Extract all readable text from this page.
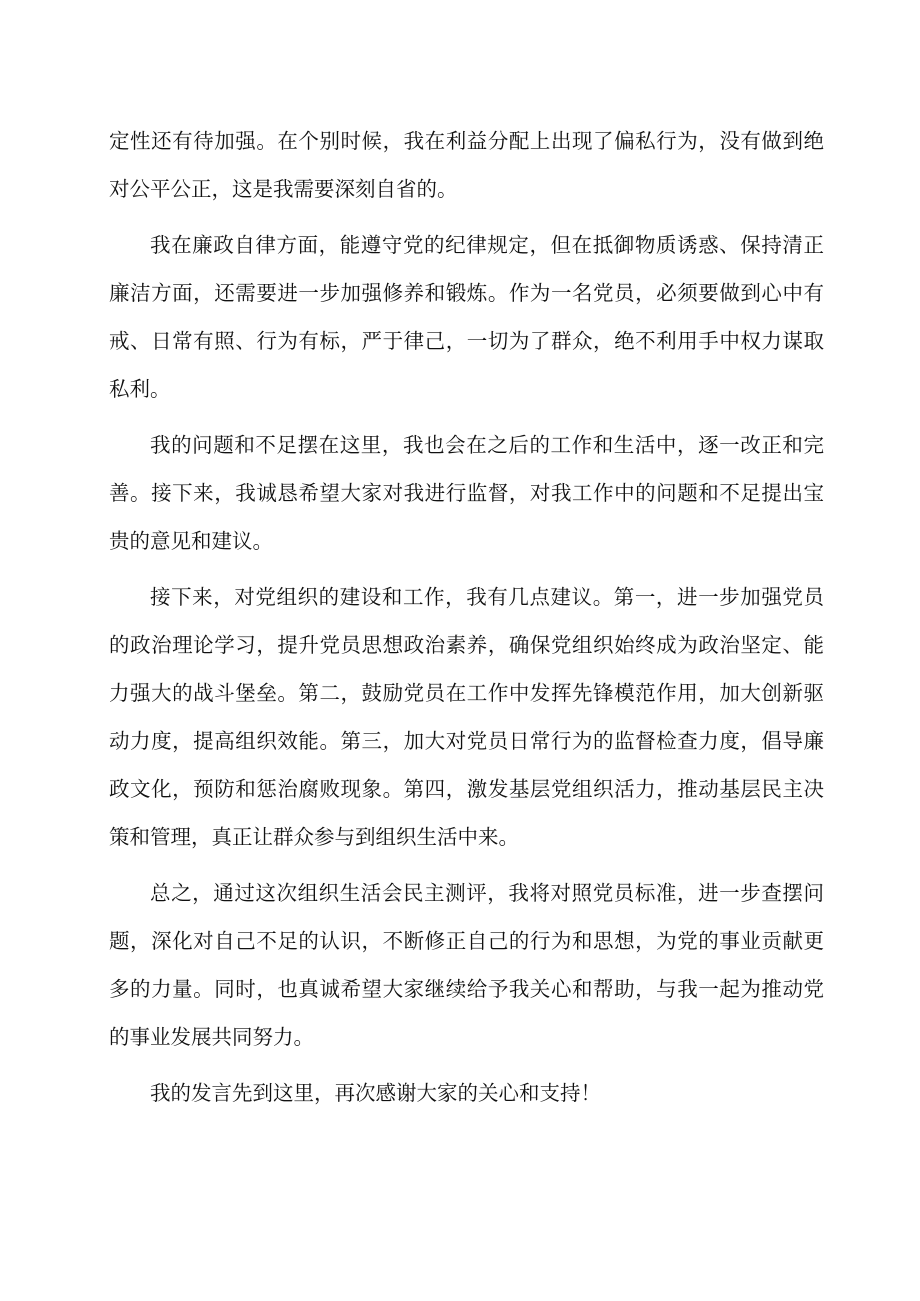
定性还有待加强。在个别时候，我在利益分配上出现了偏私行为，没有做到绝对公平公正，这是我需要深刻自省的。

我在廉政自律方面，能遵守党的纪律规定，但在抵御物质诱惑、保持清正廉洁方面，还需要进一步加强修养和锻炼。作为一名党员，必须要做到心中有戒、日常有照、行为有标，严于律己，一切为了群众，绝不利用手中权力谋取私利。

我的问题和不足摆在这里，我也会在之后的工作和生活中，逐一改正和完善。接下来，我诚恳希望大家对我进行监督，对我工作中的问题和不足提出宝贵的意见和建议。

接下来，对党组织的建设和工作，我有几点建议。第一，进一步加强党员的政治理论学习，提升党员思想政治素养，确保党组织始终成为政治坚定、能力强大的战斗堡垒。第二，鼓励党员在工作中发挥先锋模范作用，加大创新驱动力度，提高组织效能。第三，加大对党员日常行为的监督检查力度，倡导廉政文化，预防和惩治腐败现象。第四，激发基层党组织活力，推动基层民主决策和管理，真正让群众参与到组织生活中来。

总之，通过这次组织生活会民主测评，我将对照党员标准，进一步查摆问题，深化对自己不足的认识，不断修正自己的行为和思想，为党的事业贡献更多的力量。同时，也真诚希望大家继续给予我关心和帮助，与我一起为推动党的事业发展共同努力。

我的发言先到这里，再次感谢大家的关心和支持！
